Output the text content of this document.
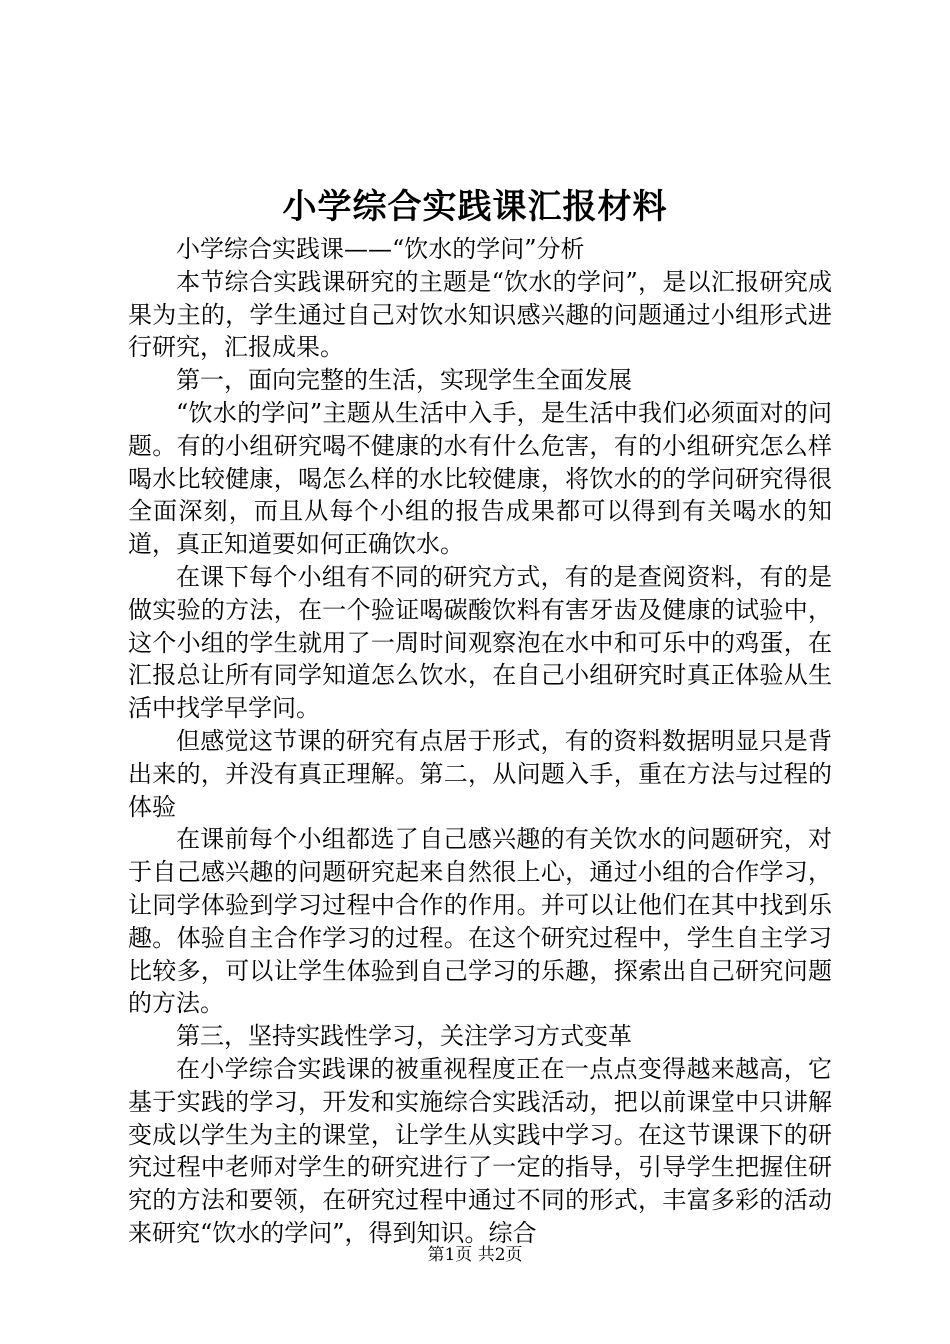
小学综合实践课汇报材料

小学综合实践课——“饮水的学问”分析

本节综合实践课研究的主题是“饮水的学问”，是以汇报研究成果为主的，学生通过自己对饮水知识感兴趣的问题通过小组形式进行研究，汇报成果。

第一，面向完整的生活，实现学生全面发展

“饮水的学问”主题从生活中入手，是生活中我们必须面对的问题。有的小组研究喝不健康的水有什么危害，有的小组研究怎么样喝水比较健康，喝怎么样的水比较健康，将饮水的的学问研究得很全面深刻，而且从每个小组的报告成果都可以得到有关喝水的知道，真正知道要如何正确饮水。

在课下每个小组有不同的研究方式，有的是查阅资料，有的是做实验的方法，在一个验证喝碳酸饮料有害牙齿及健康的试验中，这个小组的学生就用了一周时间观察泡在水中和可乐中的鸡蛋，在汇报总让所有同学知道怎么饮水，在自己小组研究时真正体验从生活中找学早学问。

但感觉这节课的研究有点居于形式，有的资料数据明显只是背出来的，并没有真正理解。第二，从问题入手，重在方法与过程的体验

在课前每个小组都选了自己感兴趣的有关饮水的问题研究，对于自己感兴趣的问题研究起来自然很上心，通过小组的合作学习，让同学体验到学习过程中合作的作用。并可以让他们在其中找到乐趣。体验自主合作学习的过程。在这个研究过程中，学生自主学习比较多，可以让学生体验到自己学习的乐趣，探索出自己研究问题的方法。

第三，坚持实践性学习，关注学习方式变革

在小学综合实践课的被重视程度正在一点点变得越来越高，它基于实践的学习，开发和实施综合实践活动，把以前课堂中只讲解变成以学生为主的课堂，让学生从实践中学习。在这节课课下的研究过程中老师对学生的研究进行了一定的指导，引导学生把握住研究的方法和要领，在研究过程中通过不同的形式，丰富多彩的活动来研究“饮水的学问”，得到知识。综合

第1页 共2页
